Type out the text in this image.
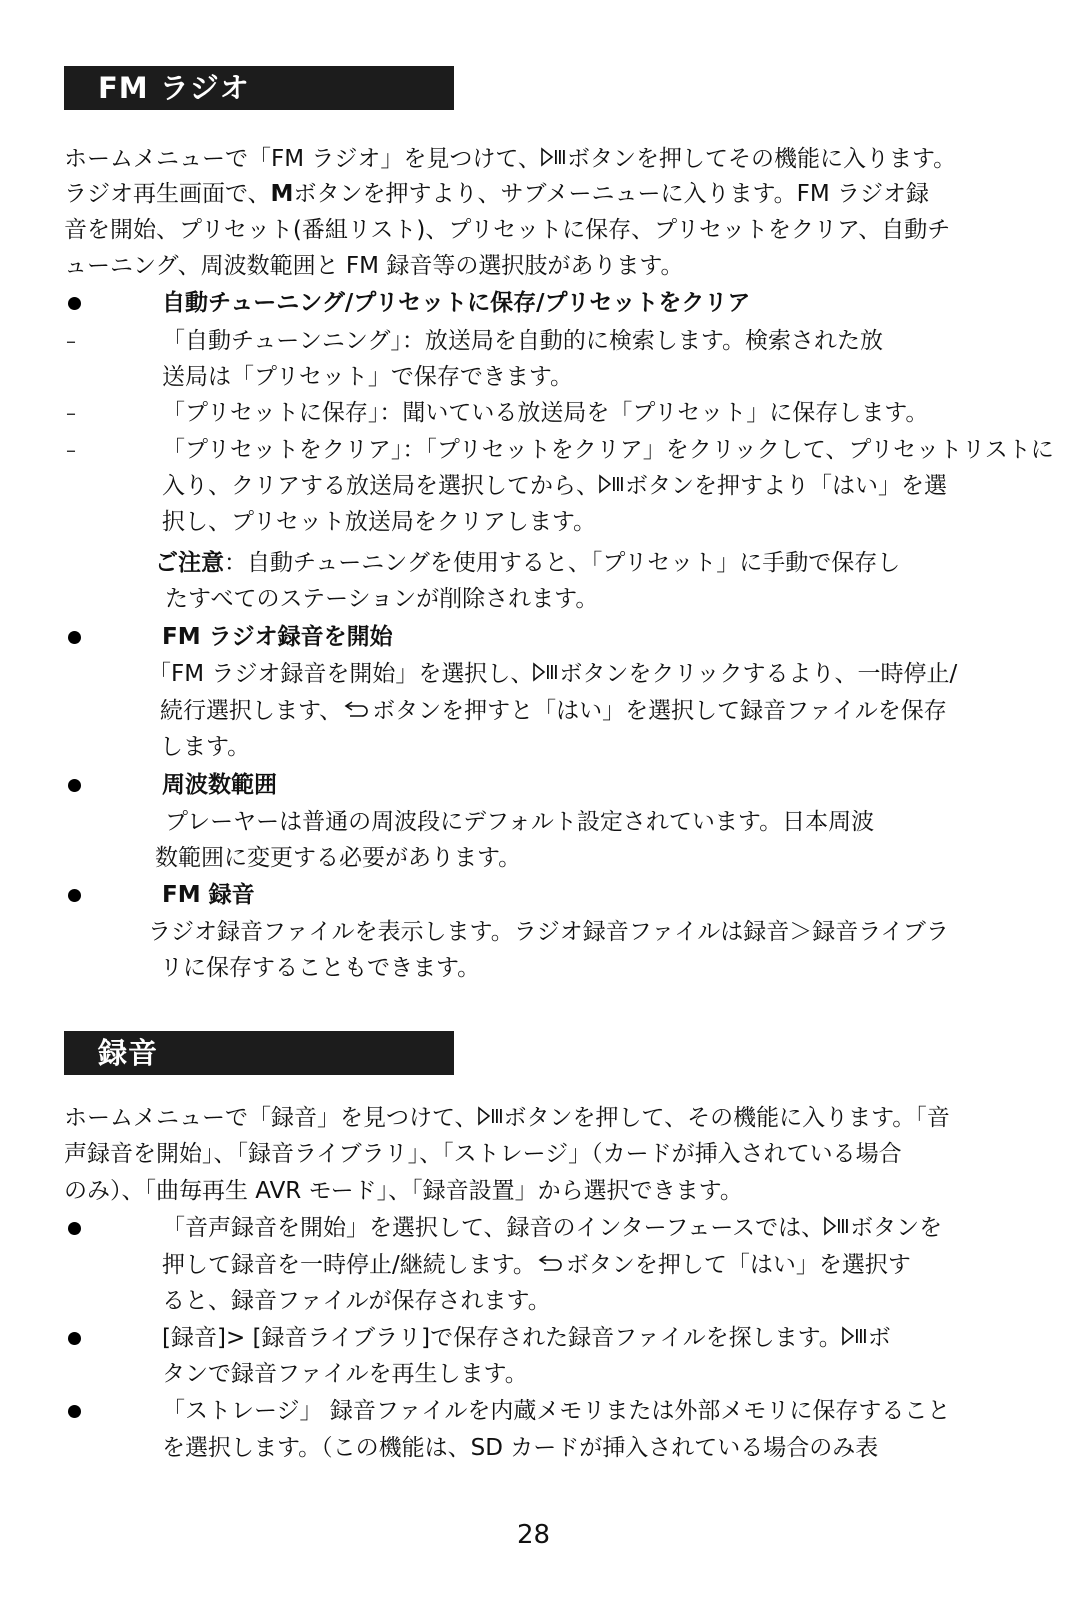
FM ラジオ
ホームメニューで「FM ラジオ」を見つけて、 ボタンを押してその機能に入ります。
ラジオ再生画面で、Mボタンを押すより、サブメーニューに入ります。FM ラジオ録
音を開始、プリセット(番組リスト)、プリセットに保存、プリセットをクリア、自動チ
ューニング、周波数範囲と FM 録音等の選択肢があります。
自動チューニング/プリセットに保存/プリセットをクリア
–	「自動チューンニング」：放送局を自動的に検索します。検索された放
送局は「プリセット」で保存できます。
–	「プリセットに保存」：聞いている放送局を「プリセット」に保存します。
–	「プリセットをクリア」：「プリセットをクリア」をクリックして、プリセットリストに
入り、クリアする放送局を選択してから、 ボタンを押すより「はい」を選
択し、プリセット放送局をクリアします。
ご注意：自動チューニングを使用すると、「プリセット」に手動で保存し
たすべてのステーションが削除されます。
FM ラジオ録音を開始
「FM ラジオ録音を開始」を選択し、 ボタンをクリックするより、一時停止/
続行選択します、 ボタンを押すと「はい」を選択して録音ファイルを保存
します。
周波数範囲
プレーヤーは普通の周波段にデフォルト設定されています。日本周波
数範囲に変更する必要があります。
FM 録音
ラジオ録音ファイルを表示します。ラジオ録音ファイルは録音＞録音ライブラ
リに保存することもできます。
録音
ホームメニューで「録音」を見つけて、 ボタンを押して、その機能に入ります。「音
声録音を開始」、「録音ライブラリ」、「ストレージ」（カードが挿入されている場合
のみ）、「曲毎再生 AVR モード」、「録音設置」から選択できます。
「音声録音を開始」を選択して、録音のインターフェースでは、 ボタンを
押して録音を一時停止/継続します。 ボタンを押して「はい」を選択す
ると、録音ファイルが保存されます。
[録音]> [録音ライブラリ]で保存された録音ファイルを探します。 ボ
タンで録音ファイルを再生します。
「ストレージ」 録音ファイルを内蔵メモリまたは外部メモリに保存すること
を選択します。（この機能は、SD カードが挿入されている場合のみ表
28
